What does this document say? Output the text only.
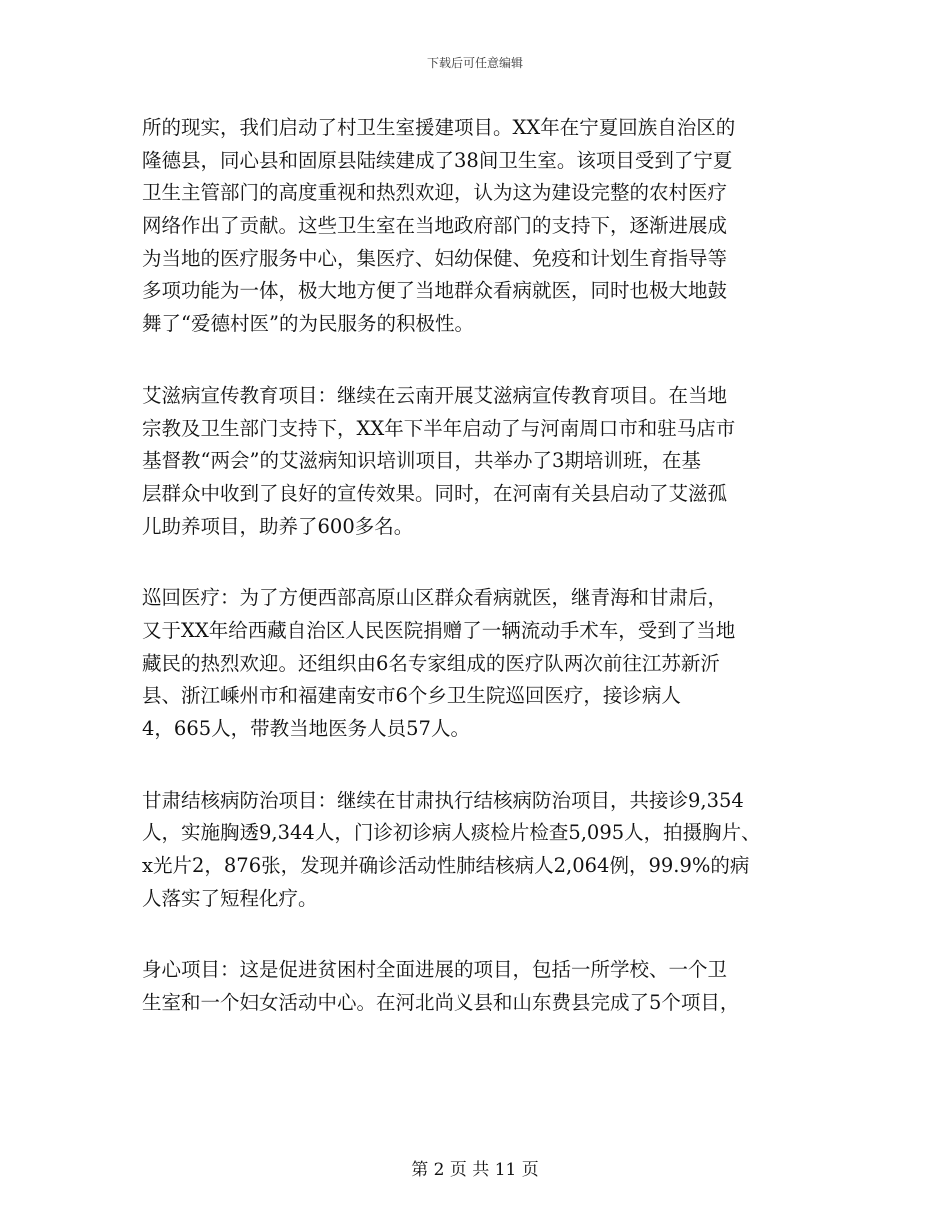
下载后可任意编辑
所的现实，我们启动了村卫生室援建项目。XX年在宁夏回族自治区的
隆德县，同心县和固原县陆续建成了38间卫生室。该项目受到了宁夏
卫生主管部门的高度重视和热烈欢迎，认为这为建设完整的农村医疗
网络作出了贡献。这些卫生室在当地政府部门的支持下，逐渐进展成
为当地的医疗服务中心，集医疗、妇幼保健、免疫和计划生育指导等
多项功能为一体，极大地方便了当地群众看病就医，同时也极大地鼓
舞了“爱德村医”的为民服务的积极性。
艾滋病宣传教育项目：继续在云南开展艾滋病宣传教育项目。在当地
宗教及卫生部门支持下，XX年下半年启动了与河南周口市和驻马店市
基督教“两会”的艾滋病知识培训项目，共举办了3期培训班，在基
层群众中收到了良好的宣传效果。同时，在河南有关县启动了艾滋孤
儿助养项目，助养了600多名。
巡回医疗：为了方便西部高原山区群众看病就医，继青海和甘肃后，
又于XX年给西藏自治区人民医院捐赠了一辆流动手术车，受到了当地
藏民的热烈欢迎。还组织由6名专家组成的医疗队两次前往江苏新沂
县、浙江嵊州市和福建南安市6个乡卫生院巡回医疗，接诊病人
4，665人，带教当地医务人员57人。
甘肃结核病防治项目：继续在甘肃执行结核病防治项目，共接诊9,354
人，实施胸透9,344人，门诊初诊病人痰检片检查5,095人，拍摄胸片、
x光片2，876张，发现并确诊活动性肺结核病人2,064例，99.9%的病
人落实了短程化疗。
身心项目：这是促进贫困村全面进展的项目，包括一所学校、一个卫
生室和一个妇女活动中心。在河北尚义县和山东费县完成了5个项目，
第 2 页 共 11 页
